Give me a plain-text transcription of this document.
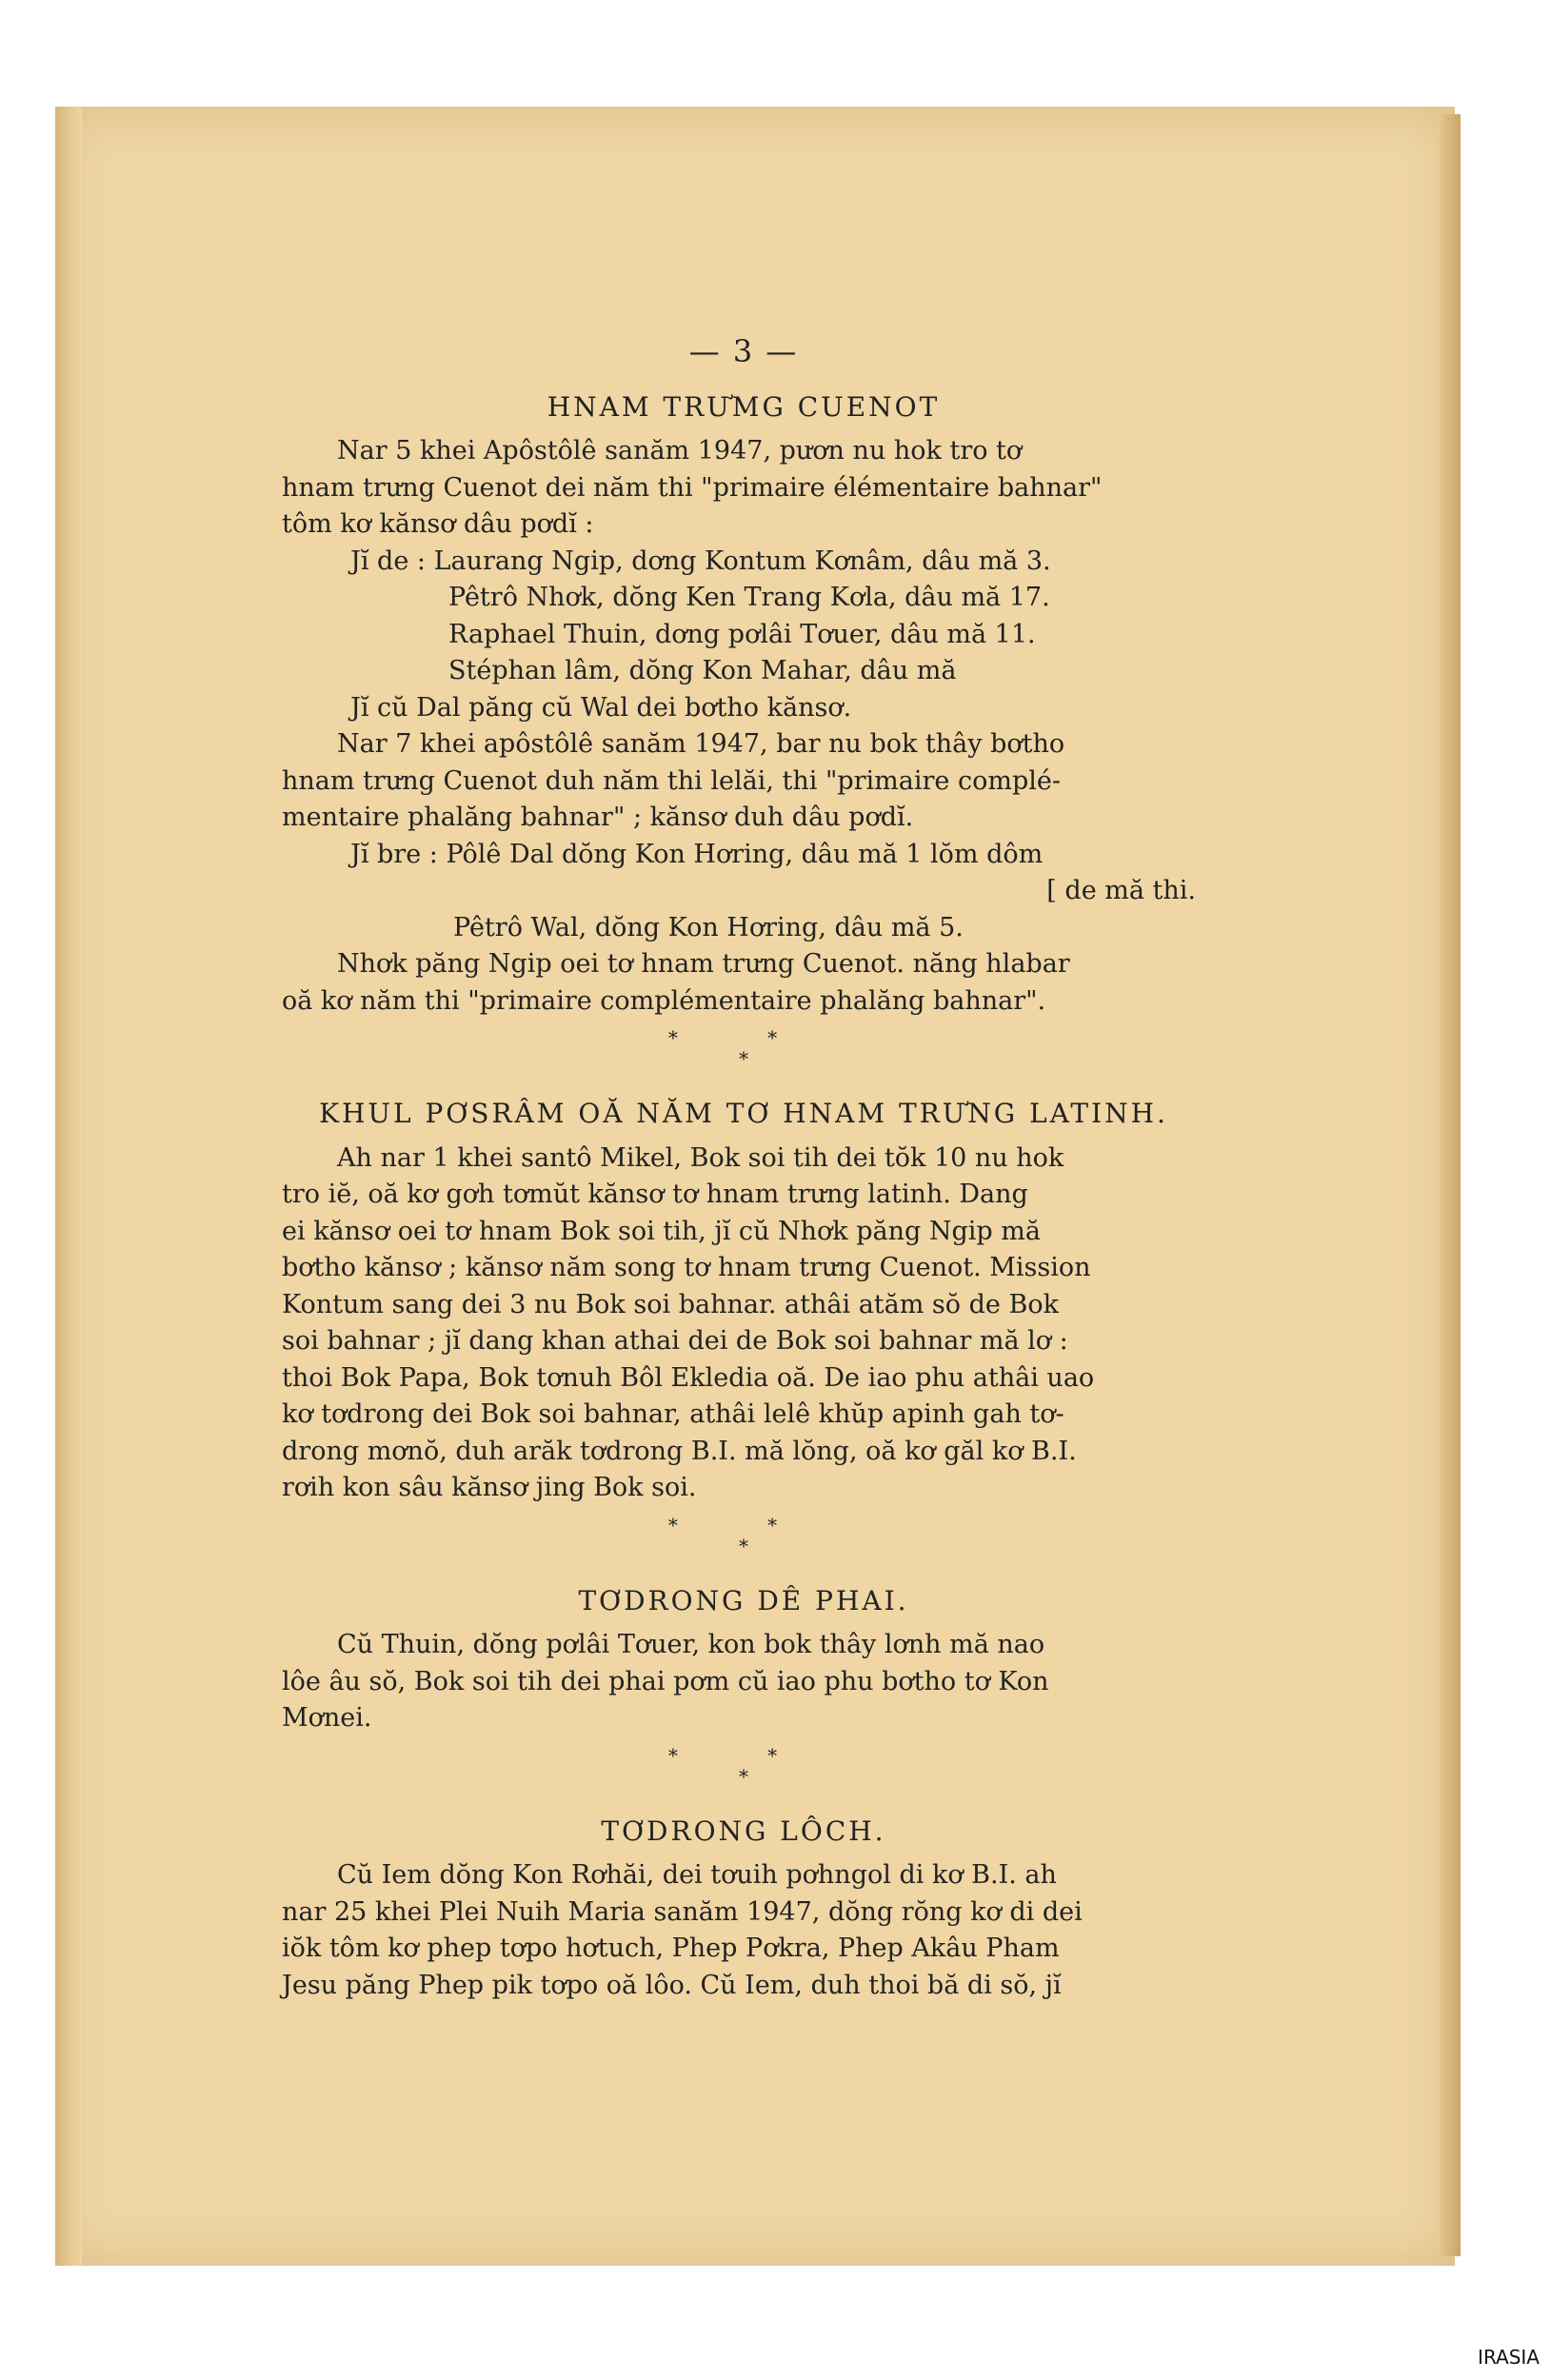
— 3 —
HNAM TRƯMG CUENOT

Nar 5 khei Apôstôlê sanăm 1947, pươn nu hok tro tơ

hnam trưng Cuenot dei năm thi "primaire élémentaire bahnar"

tôm kơ kănsơ dâu pơdĭ :

Jĭ de : Laurang Ngip, dơng Kontum Kơnâm, dâu mă 3.

Pêtrô Nhơk, dŏng Ken Trang Kơla, dâu mă 17.

Raphael Thuin, dơng pơlâi Tơuer, dâu mă 11.

Stéphan lâm, dŏng Kon Mahar, dâu mă

Jĭ cŭ Dal păng cŭ Wal dei bơtho kănsơ.

Nar 7 khei apôstôlê sanăm 1947, bar nu bok thây bơtho

hnam trưng Cuenot duh năm thi lelăi, thi "primaire complé-

mentaire phalăng bahnar" ; kănsơ duh dâu pơdĭ.

Jĭ bre : Pôlê Dal dŏng Kon Hơring, dâu mă 1 lŏm dôm

[ de mă thi.

Pêtrô Wal, dŏng Kon Hơring, dâu mă 5.

Nhơk păng Ngip oei tơ hnam trưng Cuenot. năng hlabar

oă kơ năm thi "primaire complémentaire phalăng bahnar".

* *
*
KHUL PƠSRÂM OĂ NĂM TƠ HNAM TRƯNG LATINH.

Ah nar 1 khei santô Mikel, Bok soi tih dei tŏk 10 nu hok

tro iĕ, oă kơ gơh tơmŭt kănsơ tơ hnam trưng latinh. Dang

ei kănsơ oei tơ hnam Bok soi tih, jĭ cŭ Nhơk păng Ngip mă

bơtho kănsơ ; kănsơ năm song tơ hnam trưng Cuenot. Mission

Kontum sang dei 3 nu Bok soi bahnar. athâi atăm sŏ de Bok

soi bahnar ; jĭ dang khan athai dei de Bok soi bahnar mă lơ :

thoi Bok Papa, Bok tơnuh Bôl Ekledia oă. De iao phu athâi uao

kơ tơdrong dei Bok soi bahnar, athâi lelê khŭp apinh gah tơ-

drong mơnŏ, duh arăk tơdrong B.I. mă lŏng, oă kơ găl kơ B.I.

rơih kon sâu kănsơ jing Bok soi.

* *
*
TƠDRONG DÊ PHAI.

Cŭ Thuin, dŏng pơlâi Tơuer, kon bok thây lơnh mă nao

lôe âu sŏ, Bok soi tih dei phai pơm cŭ iao phu bơtho tơ Kon

Mơnei.

* *
*
TƠDRONG LÔCH.

Cŭ Iem dŏng Kon Rơhăi, dei tơuih pơhngol di kơ B.I. ah

nar 25 khei Plei Nuih Maria sanăm 1947, dŏng rŏng kơ di dei

iŏk tôm kơ phep tơpo hơtuch, Phep Pơkra, Phep Akâu Pham

Jesu păng Phep pik tơpo oă lôo. Cŭ Iem, duh thoi bă di sŏ, jĭ

IRASIA
